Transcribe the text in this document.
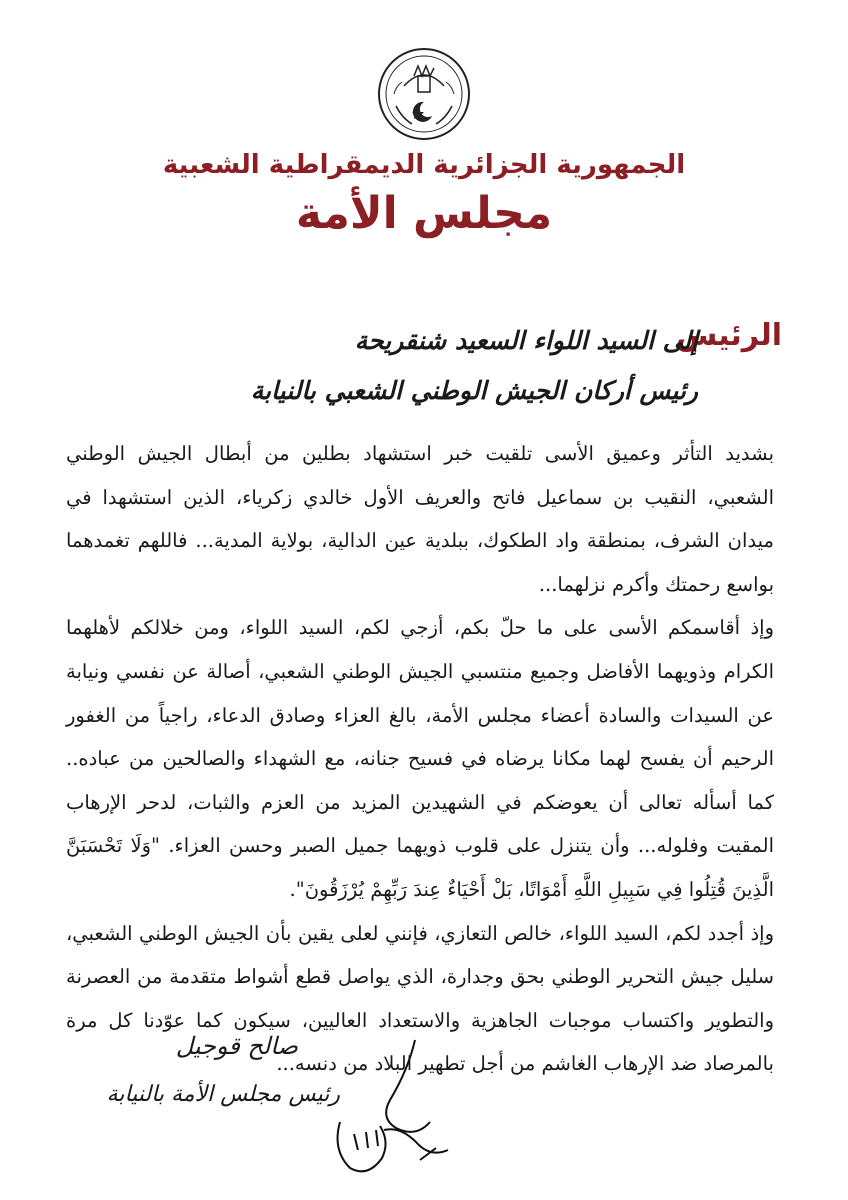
الجمهورية الجزائرية الديمقراطية الشعبية
مجلس الأمة
الرئيس
إلى السيد اللواء السعيد شنقريحة
رئيس أركان الجيش الوطني الشعبي بالنيابة

بشديد التأثر وعميق الأسى تلقيت خبر استشهاد بطلين من أبطال الجيش الوطني الشعبي، النقيب بن سماعيل فاتح والعريف الأول خالدي زكرياء، الذين استشهدا في ميدان الشرف، بمنطقة واد الطكوك، ببلدية عين الدالية، بولاية المدية... فاللهم تغمدهما بواسع رحمتك وأكرم نزلهما...

وإذ أقاسمكم الأسى على ما حلّ بكم، أزجي لكم، السيد اللواء، ومن خلالكم لأهلهما الكرام وذويهما الأفاضل وجميع منتسبي الجيش الوطني الشعبي، أصالة عن نفسي ونيابة عن السيدات والسادة أعضاء مجلس الأمة، بالغ العزاء وصادق الدعاء، راجياً من الغفور الرحيم أن يفسح لهما مكانا يرضاه في فسيح جنانه، مع الشهداء والصالحين من عباده.. كما أسأله تعالى أن يعوضكم في الشهيدين المزيد من العزم والثبات، لدحر الإرهاب المقيت وفلوله... وأن يتنزل على قلوب ذويهما جميل الصبر وحسن العزاء. "وَلَا تَحْسَبَنَّ الَّذِينَ قُتِلُوا فِي سَبِيلِ اللَّهِ أَمْوَاتًا، بَلْ أَحْيَاءٌ عِندَ رَبِّهِمْ يُرْزَقُونَ".

وإذ أجدد لكم، السيد اللواء، خالص التعازي، فإنني لعلى يقين بأن الجيش الوطني الشعبي، سليل جيش التحرير الوطني بحق وجدارة، الذي يواصل قطع أشواط متقدمة من العصرنة والتطوير واكتساب موجبات الجاهزية والاستعداد العاليين، سيكون كما عوّدنا كل مرة بالمرصاد ضد الإرهاب الغاشم من أجل تطهير البلاد من دنسه...

صالح قوجيل
رئيس مجلس الأمة بالنيابة
